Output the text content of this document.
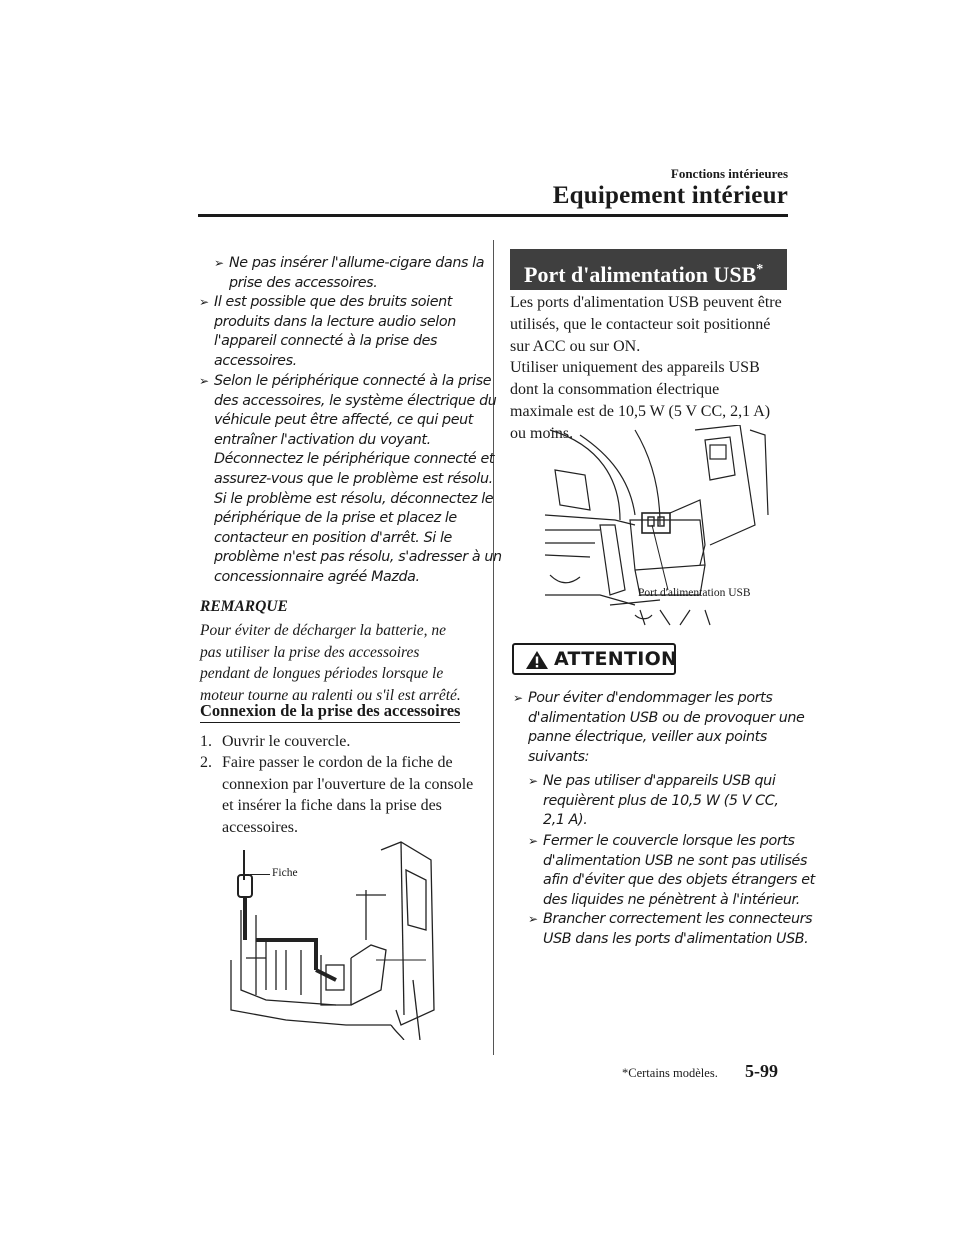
Fonctions intérieures
Equipement intérieur
➢ Ne pas insérer l'allume-cigare dans la
prise des accessoires.
➢ Il est possible que des bruits soient
produits dans la lecture audio selon
l'appareil connecté à la prise des
accessoires.
➢ Selon le périphérique connecté à la prise
des accessoires, le système électrique du
véhicule peut être affecté, ce qui peut
entraîner l'activation du voyant.
Déconnectez le périphérique connecté et
assurez-vous que le problème est résolu.
Si le problème est résolu, déconnectez le
périphérique de la prise et placez le
contacteur en position d'arrêt. Si le
problème n'est pas résolu, s'adresser à un
concessionnaire agréé Mazda.
REMARQUE
Pour éviter de décharger la batterie, ne
pas utiliser la prise des accessoires
pendant de longues périodes lorsque le
moteur tourne au ralenti ou s'il est arrêté.
Connexion de la prise des accessoires
1. Ouvrir le couvercle.
2. Faire passer le cordon de la fiche de
connexion par l'ouverture de la console
et insérer la fiche dans la prise des
accessoires.
Fiche
Port d'alimentation USB*
Les ports d'alimentation USB peuvent être
utilisés, que le contacteur soit positionné
sur ACC ou sur ON.
Utiliser uniquement des appareils USB
dont la consommation électrique
maximale est de 10,5 W (5 V CC, 2,1 A)
ou moins.
Port d'alimentation USB
ATTENTION
➢ Pour éviter d'endommager les ports
d'alimentation USB ou de provoquer une
panne électrique, veiller aux points
suivants:
➢ Ne pas utiliser d'appareils USB qui
requièrent plus de 10,5 W (5 V CC,
2,1 A).
➢ Fermer le couvercle lorsque les ports
d'alimentation USB ne sont pas utilisés
afin d'éviter que des objets étrangers et
des liquides ne pénètrent à l'intérieur.
➢ Brancher correctement les connecteurs
USB dans les ports d'alimentation USB.
*Certains modèles. 5-99
